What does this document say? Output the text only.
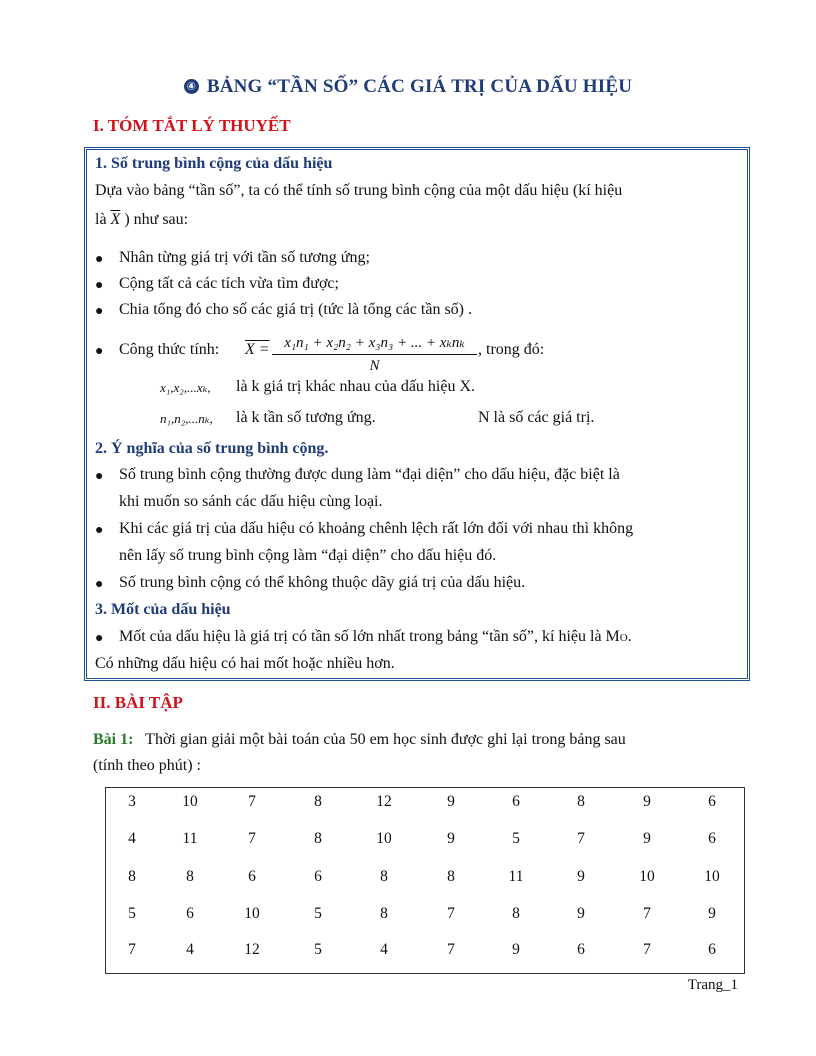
④ BẢNG “TẦN SỐ” CÁC GIÁ TRỊ CỦA DẤU HIỆU
I. TÓM TẮT LÝ THUYẾT
1. Số trung bình cộng của dấu hiệu
Dựa vào bảng “tần số”, ta có thể tính số trung bình cộng của một dấu hiệu (kí hiệu
là $\overline{X}$ ) như sau:
● Nhân từng giá trị với tần số tương ứng;
● Cộng tất cả các tích vừa tìm được;
● Chia tổng đó cho số các giá trị (tức là tổng các tần số) .
● Công thức tính: X = x₁n₁ + x₂n₂ + x₃n₃ + ... + xₖnₖ
N
, trong đó:
x₁,x₂,...xₖ, là k giá trị khác nhau của dấu hiệu X.
n₁,n₂,...nₖ, là k tần số tương ứng.	N là số các giá trị.
2. Ý nghĩa của số trung bình cộng.
● Số trung bình cộng thường được dung làm “đại diện” cho dấu hiệu, đặc biệt là
khi muốn so sánh các dấu hiệu cùng loại.
● Khi các giá trị của dấu hiệu có khoảng chênh lệch rất lớn đối với nhau thì không
nên lấy số trung bình cộng làm “đại diện” cho dấu hiệu đó.
● Số trung bình cộng có thể không thuộc dãy giá trị của dấu hiệu.
3. Mốt của dấu hiệu
● Mốt của dấu hiệu là giá trị có tần số lớn nhất trong bảng “tần số”, kí hiệu là MO.
Có những dấu hiệu có hai mốt hoặc nhiều hơn.
II. BÀI TẬP
Bài 1: Thời gian giải một bài toán của 50 em học sinh được ghi lại trong bảng sau
(tính theo phút) :
3	10	7	8	12	9	6	8	9	6
4	11	7	8	10	9	5	7	9	6
8	8	6	6	8	8	11	9	10	10
5	6	10	5	8	7	8	9	7	9
7	4	12	5	4	7	9	6	7	6
Trang_1
